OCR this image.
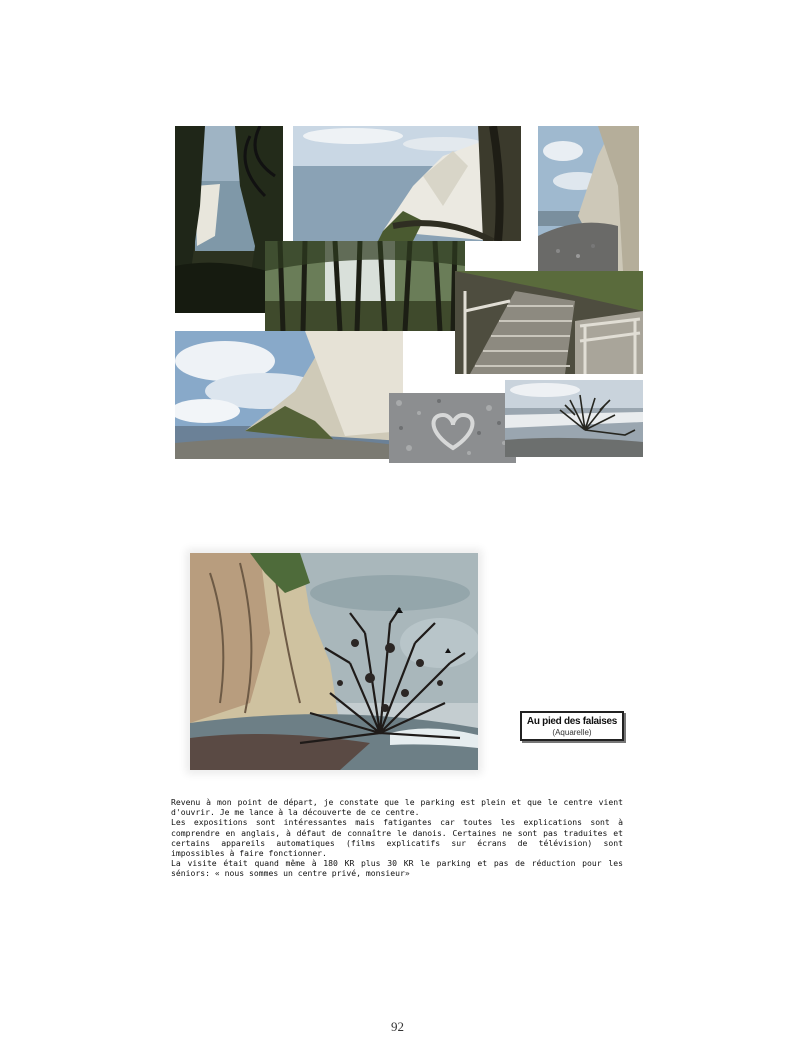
Au pied des falaises
(Aquarelle)

Revenu à mon point de départ, je constate que le parking est plein et que le centre vient d'ouvrir. Je me lance à la découverte de ce centre.

Les expositions sont intéressantes mais fatigantes car toutes les explications sont à comprendre en anglais, à défaut de connaître le danois. Certaines ne sont pas traduites et certains appareils automatiques (films explicatifs sur écrans de télévision) sont impossibles à faire fonctionner.

La visite était quand même à 180 KR plus 30 KR le parking et pas de réduction pour les séniors: « nous sommes un centre privé, monsieur»

92
